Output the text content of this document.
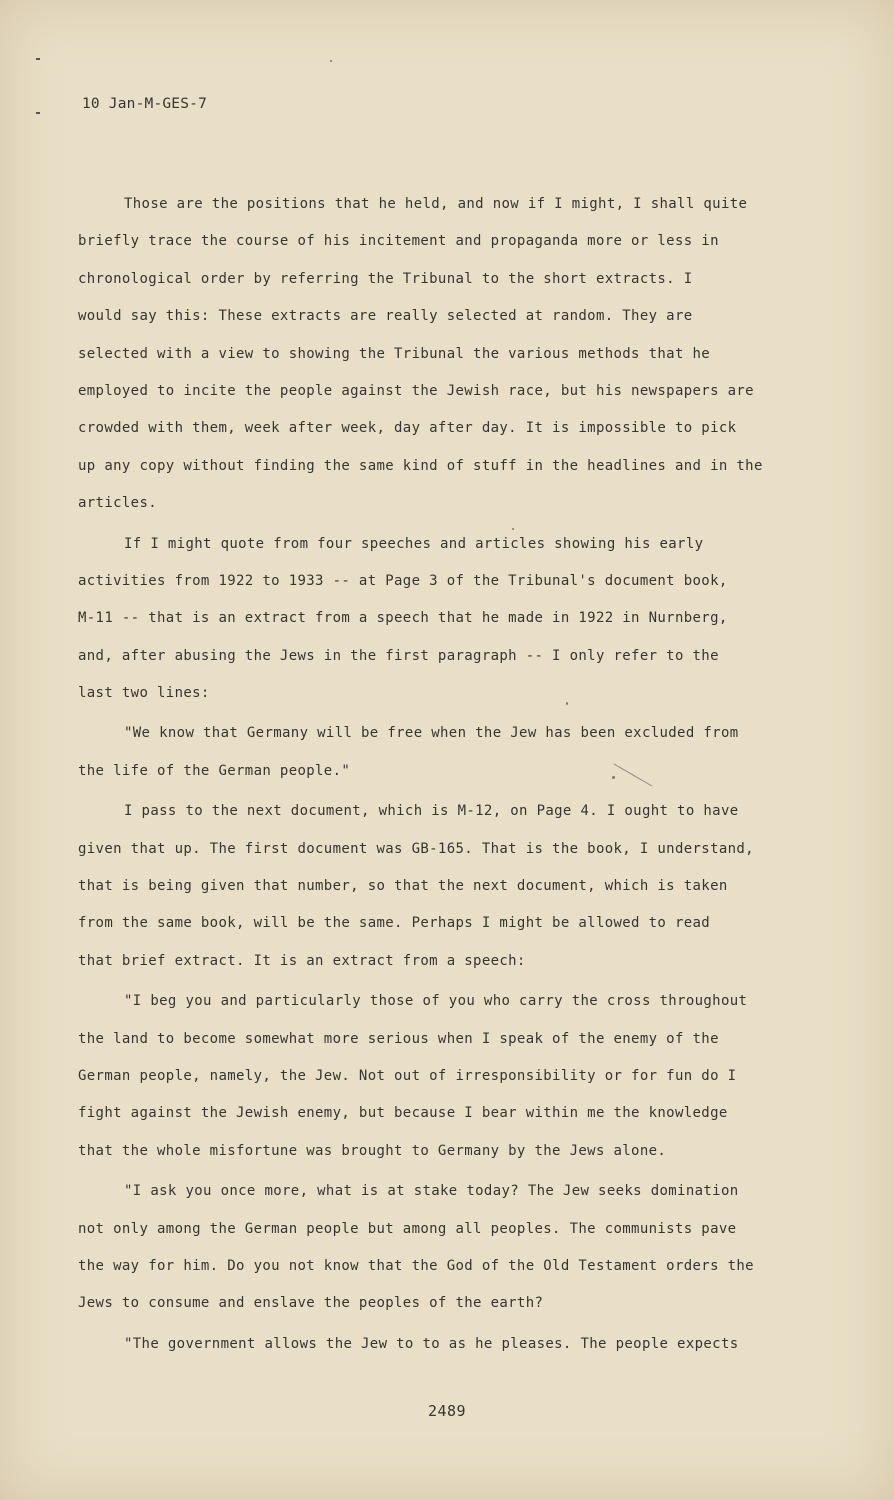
10 Jan-M-GES-7
Those are the positions that he held, and now if I might, I shall quite
briefly trace the course of his incitement and propaganda more or less in
chronological order by referring the Tribunal to the short extracts. I
would say this: These extracts are really selected at random. They are
selected with a view to showing the Tribunal the various methods that he
employed to incite the people against the Jewish race, but his newspapers are
crowded with them, week after week, day after day. It is impossible to pick
up any copy without finding the same kind of stuff in the headlines and in the
articles.
If I might quote from four speeches and articles showing his early
activities from 1922 to 1933 -- at Page 3 of the Tribunal's document book,
M-11 -- that is an extract from a speech that he made in 1922 in Nurnberg,
and, after abusing the Jews in the first paragraph -- I only refer to the
last two lines:
"We know that Germany will be free when the Jew has been excluded from
the life of the German people."
I pass to the next document, which is M-12, on Page 4. I ought to have
given that up. The first document was GB-165. That is the book, I understand,
that is being given that number, so that the next document, which is taken
from the same book, will be the same. Perhaps I might be allowed to read
that brief extract. It is an extract from a speech:
"I beg you and particularly those of you who carry the cross throughout
the land to become somewhat more serious when I speak of the enemy of the
German people, namely, the Jew. Not out of irresponsibility or for fun do I
fight against the Jewish enemy, but because I bear within me the knowledge
that the whole misfortune was brought to Germany by the Jews alone.
"I ask you once more, what is at stake today? The Jew seeks domination
not only among the German people but among all peoples. The communists pave
the way for him. Do you not know that the God of the Old Testament orders the
Jews to consume and enslave the peoples of the earth?
"The government allows the Jew to to as he pleases. The people expects
2489
